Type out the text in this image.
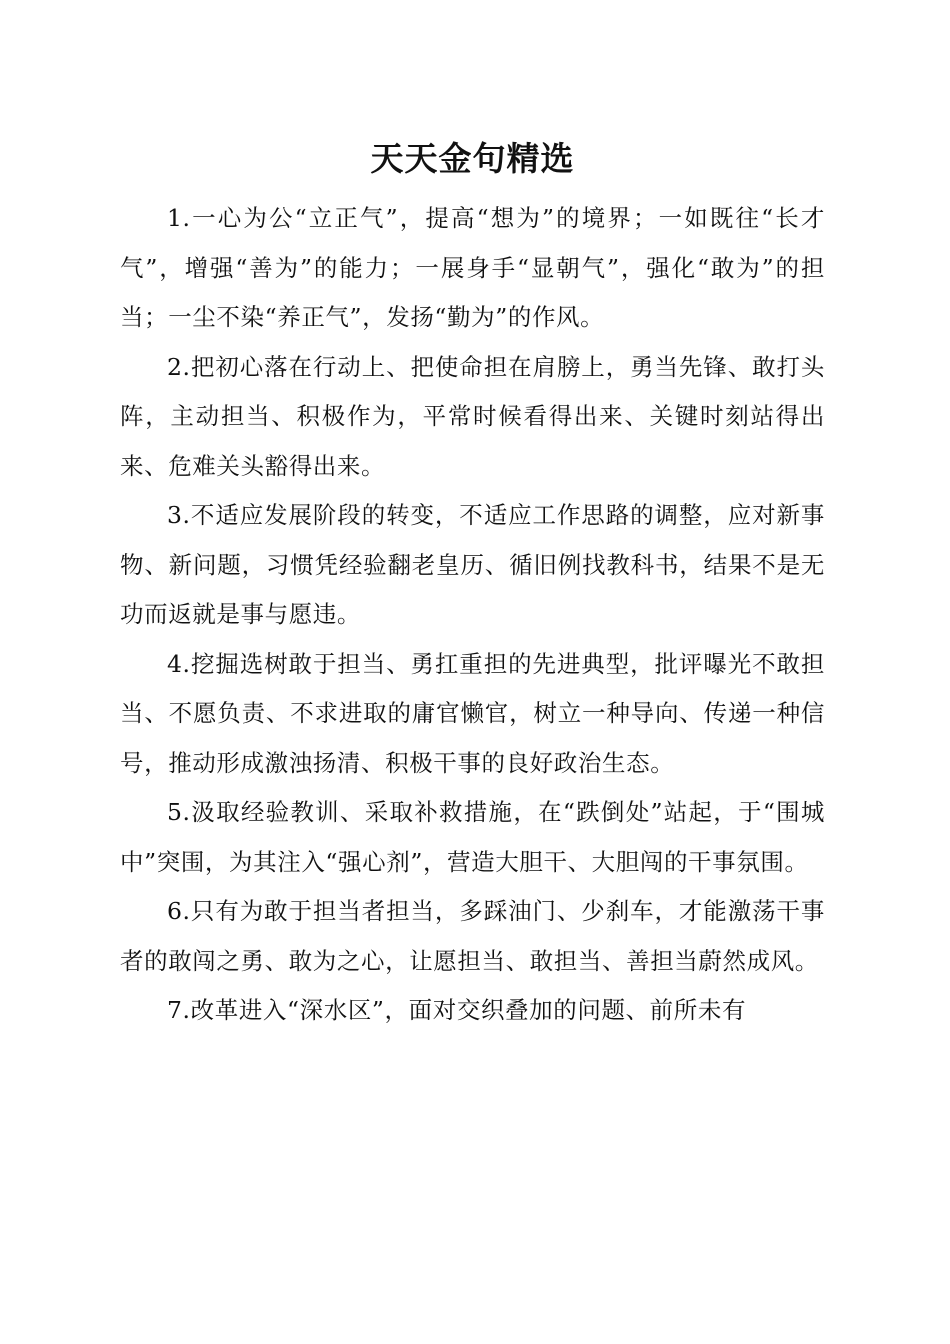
天天金句精选

1.一心为公“立正气”，提高“想为”的境界；一如既往“长才气”，增强“善为”的能力；一展身手“显朝气”，强化“敢为”的担当；一尘不染“养正气”，发扬“勤为”的作风。

2.把初心落在行动上、把使命担在肩膀上，勇当先锋、敢打头阵，主动担当、积极作为，平常时候看得出来、关键时刻站得出来、危难关头豁得出来。

3.不适应发展阶段的转变，不适应工作思路的调整，应对新事物、新问题，习惯凭经验翻老皇历、循旧例找教科书，结果不是无功而返就是事与愿违。

4.挖掘选树敢于担当、勇扛重担的先进典型，批评曝光不敢担当、不愿负责、不求进取的庸官懒官，树立一种导向、传递一种信号，推动形成激浊扬清、积极干事的良好政治生态。

5.汲取经验教训、采取补救措施，在“跌倒处”站起，于“围城中”突围，为其注入“强心剂”，营造大胆干、大胆闯的干事氛围。

6.只有为敢于担当者担当，多踩油门、少刹车，才能激荡干事者的敢闯之勇、敢为之心，让愿担当、敢担当、善担当蔚然成风。

7.改革进入“深水区”，面对交织叠加的问题、前所未有
